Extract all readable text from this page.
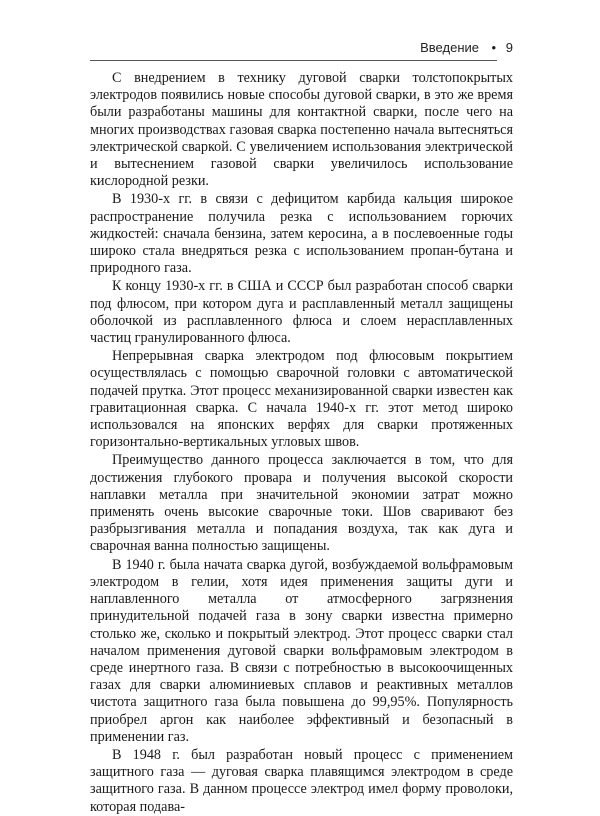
Введение • 9

С внедрением в технику дуговой сварки толстопокрытых электродов появились новые способы дуговой сварки, в это же время были разработаны машины для контактной сварки, после чего на многих производствах газовая сварка постепенно начала вытесняться электрической сваркой. С увеличением использования электрической и вытеснением газовой сварки увеличилось использование кислородной резки.

В 1930-х гг. в связи с дефицитом карбида кальция широкое распространение получила резка с использованием горючих жидкостей: сначала бензина, затем керосина, а в послевоенные годы широко стала внедряться резка с использованием пропан-бутана и природного газа.

К концу 1930-х гг. в США и СССР был разработан способ сварки под флюсом, при котором дуга и расплавленный металл защищены оболочкой из расплавленного флюса и слоем нерасплавленных частиц гранулированного флюса.

Непрерывная сварка электродом под флюсовым покрытием осуществлялась с помощью сварочной головки с автоматической подачей прутка. Этот процесс механизированной сварки известен как гравитационная сварка. С начала 1940-х гг. этот метод широко использовался на японских верфях для сварки протяженных горизонтально-вертикальных угловых швов.

Преимущество данного процесса заключается в том, что для достижения глубокого провара и получения высокой скорости наплавки металла при значительной экономии затрат можно применять очень высокие сварочные токи. Шов сваривают без разбрызгивания металла и попадания воздуха, так как дуга и сварочная ванна полностью защищены.

В 1940 г. была начата сварка дугой, возбуждаемой вольфрамовым электродом в гелии, хотя идея применения защиты дуги и наплавленного металла от атмосферного загрязнения принудительной подачей газа в зону сварки известна примерно столько же, сколько и покрытый электрод. Этот процесс сварки стал началом применения дуговой сварки вольфрамовым электродом в среде инертного газа. В связи с потребностью в высокоочищенных газах для сварки алюминиевых сплавов и реактивных металлов чистота защитного газа была повышена до 99,95%. Популярность приобрел аргон как наиболее эффективный и безопасный в применении газ.

В 1948 г. был разработан новый процесс с применением защитного газа — дуговая сварка плавящимся электродом в среде защитного газа. В данном процессе электрод имел форму проволоки, которая подава-
